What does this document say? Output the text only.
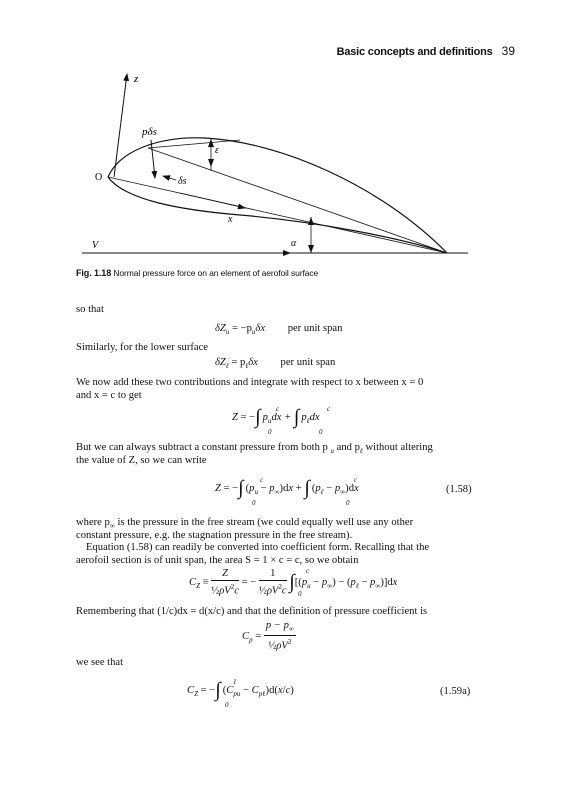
Basic concepts and definitions 39
z
pδs
O
ε
δs
x
V	α
Fig. 1.18 Normal pressure force on an element of aerofoil surface
so that
$\delta Z_u = -p_u\delta x$ per unit span
Similarly, for the lower surface
$\delta Z_\ell = p_\ell\delta x$ per unit span
We now add these two contributions and integrate with respect to x between x = 0
and x = c to get
Z = −∫ $p_udx$ + ∫ $p_\ell dx$
c
0
c
0
But we can always subtract a constant pressure from both p $_u$ and $p_\ell$ without altering
the value of Z, so we can write
Z = −∫ $(p_u - p_\infty)dx$ + ∫ $(p_\ell - p_\infty)dx$
c
0
c
0
(1.58)
where $p_\infty$ is the pressure in the free stream (we could equally well use any other
constant pressure, e.g. the stagnation pressure in the free stream).
Equation (1.58) can readily be converted into coefficient form. Recalling that the
aerofoil section is of unit span, the area S = 1 × c = c, so we obtain
$C_Z \equiv \frac{Z}{\frac{1}{2}\rho V^2c}$ = − $\frac{1}{\frac{1}{2}\rho V^2c} \int[(p_u - p_\infty) - (p_\ell - p_\infty)]dx$
c
0
Remembering that (1/c)dx = d(x/c) and that the definition of pressure coefficient is
$C_p = \frac{p - p_\infty}{\frac{1}{2}\rho V^2}$
we see that
$C_Z$ = −∫ $(C_{pu} - C_{p\ell})d(x/c)$
1
0
(1.59a)
